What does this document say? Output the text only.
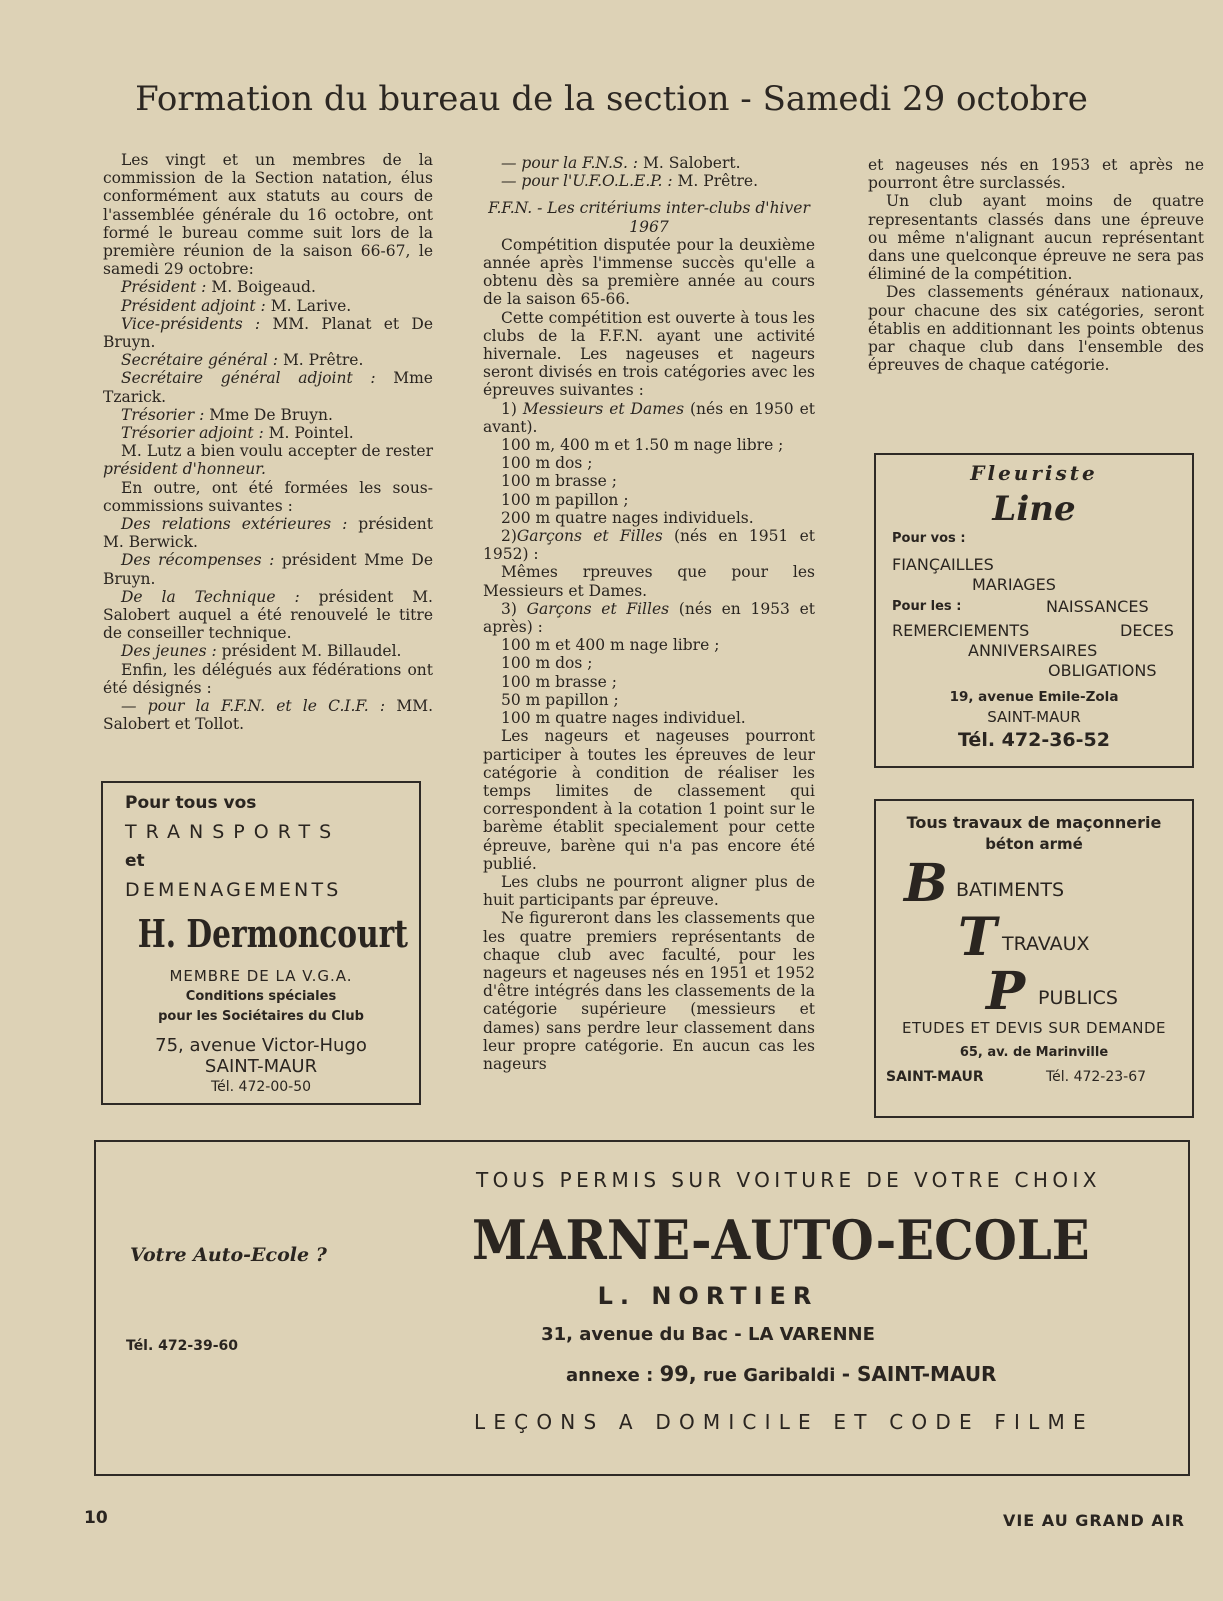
Formation du bureau de la section - Samedi 29 octobre

Les vingt et un membres de la commission de la Section natation, élus conformément aux statuts au cours de l'assemblée générale du 16 octobre, ont formé le bureau comme suit lors de la première réunion de la saison 66-67, le samedi 29 octobre:

Président : M. Boigeaud.

Président adjoint : M. Larive.

Vice-présidents : MM. Planat et De Bruyn.

Secrétaire général : M. Prêtre.

Secrétaire général adjoint : Mme Tzarick.

Trésorier : Mme De Bruyn.

Trésorier adjoint : M. Pointel.

M. Lutz a bien voulu accepter de rester président d'honneur.

En outre, ont été formées les sous-commissions suivantes :

Des relations extérieures : président M. Berwick.

Des récompenses : président Mme De Bruyn.

De la Technique : président M. Salobert auquel a été renouvelé le titre de conseiller technique.

Des jeunes : président M. Billaudel.

Enfin, les délégués aux fédérations ont été désignés :

— pour la F.F.N. et le C.I.F. : MM. Salobert et Tollot.

— pour la F.N.S. : M. Salobert.

— pour l'U.F.O.L.E.P. : M. Prêtre.

F.F.N. - Les critériums inter-clubs d'hiver 1967

Compétition disputée pour la deuxième année après l'immense succès qu'elle a obtenu dès sa première année au cours de la saison 65-66.

Cette compétition est ouverte à tous les clubs de la F.F.N. ayant une activité hivernale. Les nageuses et nageurs seront divisés en trois catégories avec les épreuves suivantes :

1) Messieurs et Dames (nés en 1950 et avant).

100 m, 400 m et 1.50 m nage libre ;

100 m dos ;

100 m brasse ;

100 m papillon ;

200 m quatre nages individuels.

2)Garçons et Filles (nés en 1951 et 1952) :

Mêmes rpreuves que pour les Messieurs et Dames.

3) Garçons et Filles (nés en 1953 et après) :

100 m et 400 m nage libre ;

100 m dos ;

100 m brasse ;

50 m papillon ;

100 m quatre nages individuel.

Les nageurs et nageuses pourront participer à toutes les épreuves de leur catégorie à condition de réaliser les temps limites de classement qui correspondent à la cotation 1 point sur le barème établit specialement pour cette épreuve, barène qui n'a pas encore été publié.

Les clubs ne pourront aligner plus de huit participants par épreuve.

Ne figureront dans les classements que les quatre premiers représentants de chaque club avec faculté, pour les nageurs et nageuses nés en 1951 et 1952 d'être intégrés dans les classements de la catégorie supérieure (messieurs et dames) sans perdre leur classement dans leur propre catégorie. En aucun cas les nageurs

et nageuses nés en 1953 et après ne pourront être surclassés.

Un club ayant moins de quatre representants classés dans une épreuve ou même n'alignant aucun représentant dans une quelconque épreuve ne sera pas éliminé de la compétition.

Des classements généraux nationaux, pour chacune des six catégories, seront établis en additionnant les points obtenus par chaque club dans l'ensemble des épreuves de chaque catégorie.

Pour tous vos
TRANSPORTS
et
DEMENAGEMENTS
H. Dermoncourt
MEMBRE DE LA V.G.A.
Conditions spéciales
pour les Sociétaires du Club
75, avenue Victor-Hugo
SAINT-MAUR
Tél. 472-00-50
Fleuriste
Line
Pour vos :
FIANÇAILLES
MARIAGES
Pour les :	NAISSANCES
REMERCIEMENTS	DECES
ANNIVERSAIRES
OBLIGATIONS
19, avenue Emile-Zola
SAINT-MAUR
Tél. 472-36-52
Tous travaux de maçonnerie
béton armé
B BATIMENTS
T TRAVAUX
P PUBLICS
ETUDES ET DEVIS SUR DEMANDE
65, av. de Marinville
SAINT-MAUR	Tél. 472-23-67
Votre Auto-Ecole ?
Tél. 472-39-60
TOUS PERMIS SUR VOITURE DE VOTRE CHOIX
MARNE-AUTO-ECOLE
L. NORTIER
31, avenue du Bac - LA VARENNE
annexe : 99, rue Garibaldi - SAINT-MAUR
LEÇONS A DOMICILE ET CODE FILME
10	VIE AU GRAND AIR
